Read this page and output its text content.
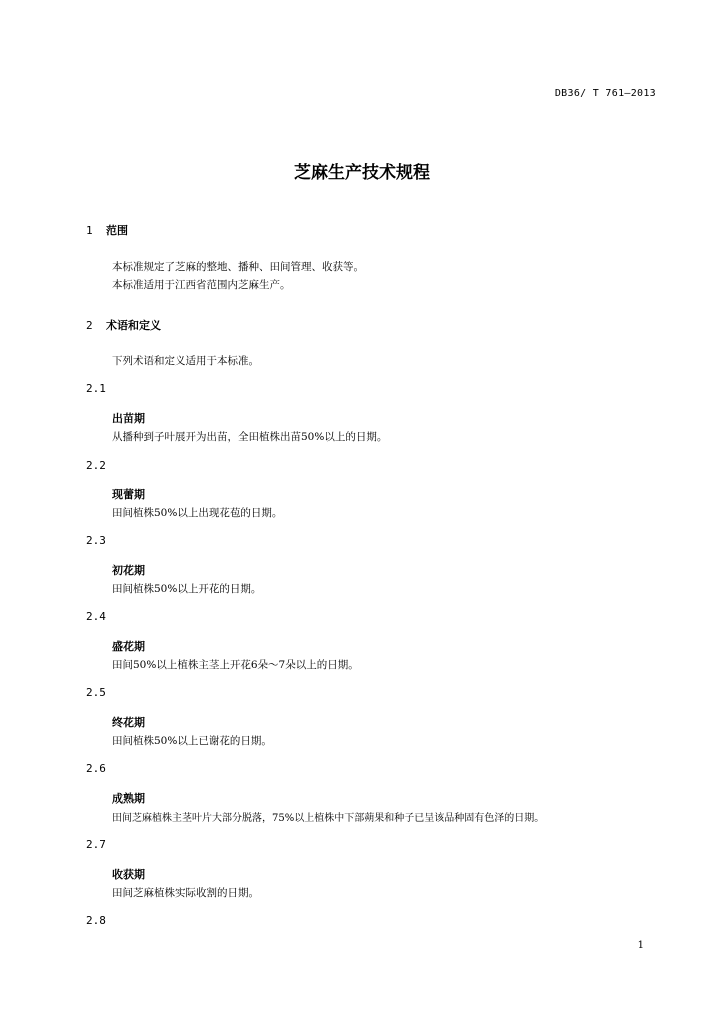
DB36/ T 761—2013
芝麻生产技术规程
1 范围
本标准规定了芝麻的整地、播种、田间管理、收获等。
本标准适用于江西省范围内芝麻生产。
2 术语和定义
下列术语和定义适用于本标准。
2.1
出苗期
从播种到子叶展开为出苗，全田植株出苗50%以上的日期。
2.2
现蕾期
田间植株50%以上出现花苞的日期。
2.3
初花期
田间植株50%以上开花的日期。
2.4
盛花期
田间50%以上植株主茎上开花6朵～7朵以上的日期。
2.5
终花期
田间植株50%以上已谢花的日期。
2.6
成熟期
田间芝麻植株主茎叶片大部分脱落，75%以上植株中下部蒴果和种子已呈该品种固有色泽的日期。
2.7
收获期
田间芝麻植株实际收割的日期。
2.8
1
